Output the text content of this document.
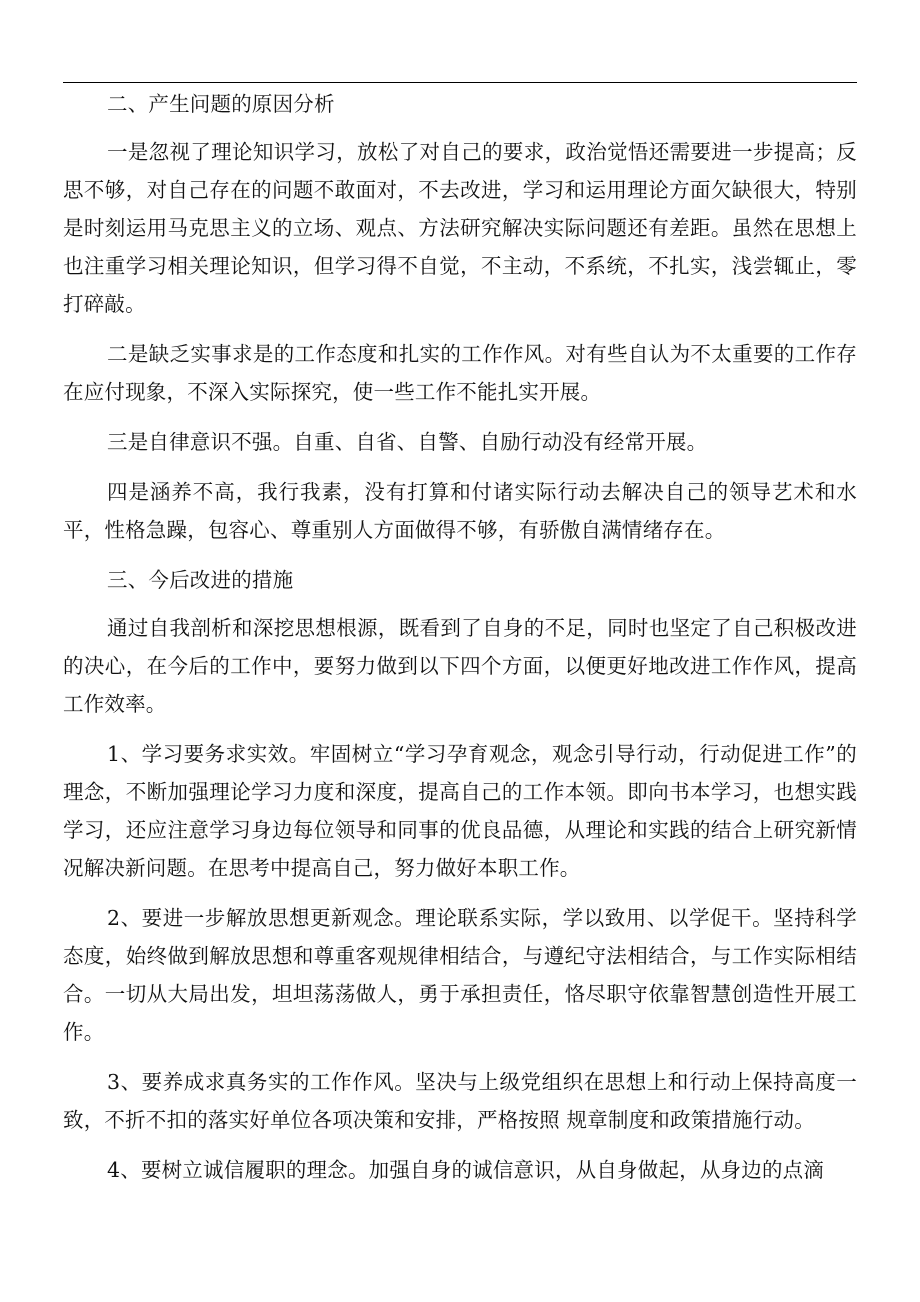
二、产生问题的原因分析

一是忽视了理论知识学习，放松了对自己的要求，政治觉悟还需要进一步提高；反思不够，对自己存在的问题不敢面对，不去改进，学习和运用理论方面欠缺很大，特别是时刻运用马克思主义的立场、观点、方法研究解决实际问题还有差距。虽然在思想上也注重学习相关理论知识，但学习得不自觉，不主动，不系统，不扎实，浅尝辄止，零打碎敲。

二是缺乏实事求是的工作态度和扎实的工作作风。对有些自认为不太重要的工作存在应付现象，不深入实际探究，使一些工作不能扎实开展。

三是自律意识不强。自重、自省、自警、自励行动没有经常开展。

四是涵养不高，我行我素，没有打算和付诸实际行动去解决自己的领导艺术和水平，性格急躁，包容心、尊重别人方面做得不够，有骄傲自满情绪存在。

三、今后改进的措施

通过自我剖析和深挖思想根源，既看到了自身的不足，同时也坚定了自己积极改进的决心，在今后的工作中，要努力做到以下四个方面，以便更好地改进工作作风，提高工作效率。

1、学习要务求实效。牢固树立“学习孕育观念，观念引导行动，行动促进工作”的理念，不断加强理论学习力度和深度，提高自己的工作本领。即向书本学习，也想实践学习，还应注意学习身边每位领导和同事的优良品德，从理论和实践的结合上研究新情况解决新问题。在思考中提高自己，努力做好本职工作。

2、要进一步解放思想更新观念。理论联系实际，学以致用、以学促干。坚持科学态度，始终做到解放思想和尊重客观规律相结合，与遵纪守法相结合，与工作实际相结合。一切从大局出发，坦坦荡荡做人，勇于承担责任，恪尽职守依靠智慧创造性开展工作。

3、要养成求真务实的工作作风。坚决与上级党组织在思想上和行动上保持高度一致，不折不扣的落实好单位各项决策和安排，严格按照 规章制度和政策措施行动。

4、要树立诚信履职的理念。加强自身的诚信意识，从自身做起，从身边的点滴
